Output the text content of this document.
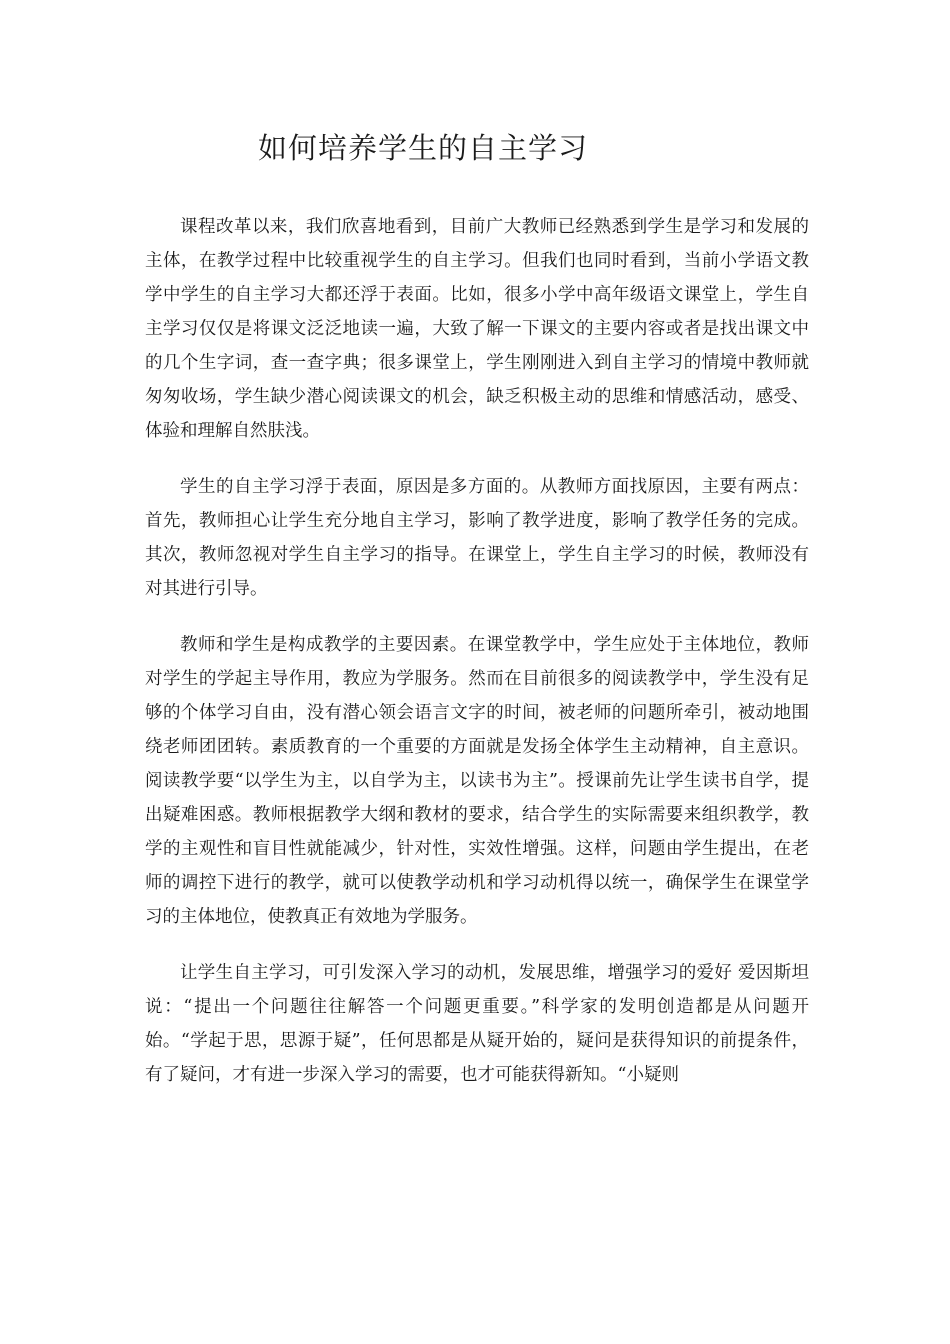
如何培养学生的自主学习

课程改革以来，我们欣喜地看到，目前广大教师已经熟悉到学生是学习和发展的主体，在教学过程中比较重视学生的自主学习。但我们也同时看到，当前小学语文教学中学生的自主学习大都还浮于表面。比如，很多小学中高年级语文课堂上，学生自主学习仅仅是将课文泛泛地读一遍，大致了解一下课文的主要内容或者是找出课文中的几个生字词，查一查字典；很多课堂上，学生刚刚进入到自主学习的情境中教师就匆匆收场，学生缺少潜心阅读课文的机会，缺乏积极主动的思维和情感活动，感受、体验和理解自然肤浅。

学生的自主学习浮于表面，原因是多方面的。从教师方面找原因，主要有两点：首先，教师担心让学生充分地自主学习，影响了教学进度，影响了教学任务的完成。其次，教师忽视对学生自主学习的指导。在课堂上，学生自主学习的时候，教师没有对其进行引导。

教师和学生是构成教学的主要因素。在课堂教学中，学生应处于主体地位，教师对学生的学起主导作用，教应为学服务。然而在目前很多的阅读教学中，学生没有足够的个体学习自由，没有潜心领会语言文字的时间，被老师的问题所牵引，被动地围绕老师团团转。素质教育的一个重要的方面就是发扬全体学生主动精神，自主意识。阅读教学要“以学生为主，以自学为主，以读书为主”。授课前先让学生读书自学，提出疑难困惑。教师根据教学大纲和教材的要求，结合学生的实际需要来组织教学，教学的主观性和盲目性就能减少，针对性，实效性增强。这样，问题由学生提出，在老师的调控下进行的教学，就可以使教学动机和学习动机得以统一，确保学生在课堂学习的主体地位，使教真正有效地为学服务。

让学生自主学习，可引发深入学习的动机，发展思维，增强学习的爱好 爱因斯坦说：“提出一个问题往往解答一个问题更重要。”科学家的发明创造都是从问题开始。“学起于思，思源于疑”，任何思都是从疑开始的，疑问是获得知识的前提条件，有了疑问，才有进一步深入学习的需要，也才可能获得新知。“小疑则
